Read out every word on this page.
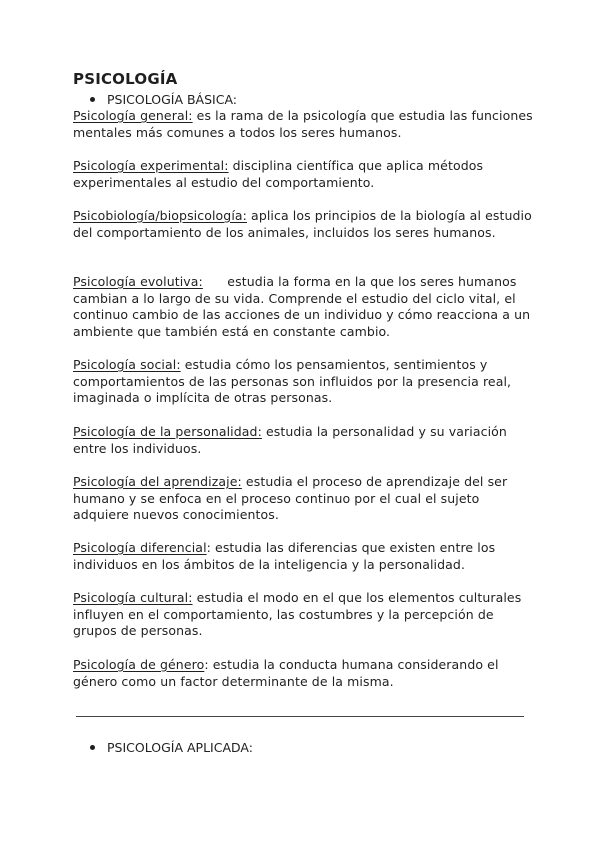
PSICOLOGÍA
PSICOLOGÍA BÁSICA:
Psicología general: es la rama de la psicología que estudia las funciones mentales más comunes a todos los seres humanos.
Psicología experimental: disciplina científica que aplica métodos experimentales al estudio del comportamiento.
Psicobiología/biopsicología: aplica los principios de la biología al estudio del comportamiento de los animales, incluidos los seres humanos.
Psicología evolutiva:      estudia la forma en la que los seres humanos cambian a lo largo de su vida. Comprende el estudio del ciclo vital, el continuo cambio de las acciones de un individuo y cómo reacciona a un ambiente que también está en constante cambio.
Psicología social: estudia cómo los pensamientos, sentimientos y comportamientos de las personas son influidos por la presencia real, imaginada o implícita de otras personas.
Psicología de la personalidad: estudia la personalidad y su variación entre los individuos.
Psicología del aprendizaje: estudia el proceso de aprendizaje del ser humano y se enfoca en el proceso continuo por el cual el sujeto adquiere nuevos conocimientos.
Psicología diferencial: estudia las diferencias que existen entre los individuos en los ámbitos de la inteligencia y la personalidad.
Psicología cultural: estudia el modo en el que los elementos culturales influyen en el comportamiento, las costumbres y la percepción de grupos de personas.
Psicología de género: estudia la conducta humana considerando el género como un factor determinante de la misma.
PSICOLOGÍA APLICADA:
